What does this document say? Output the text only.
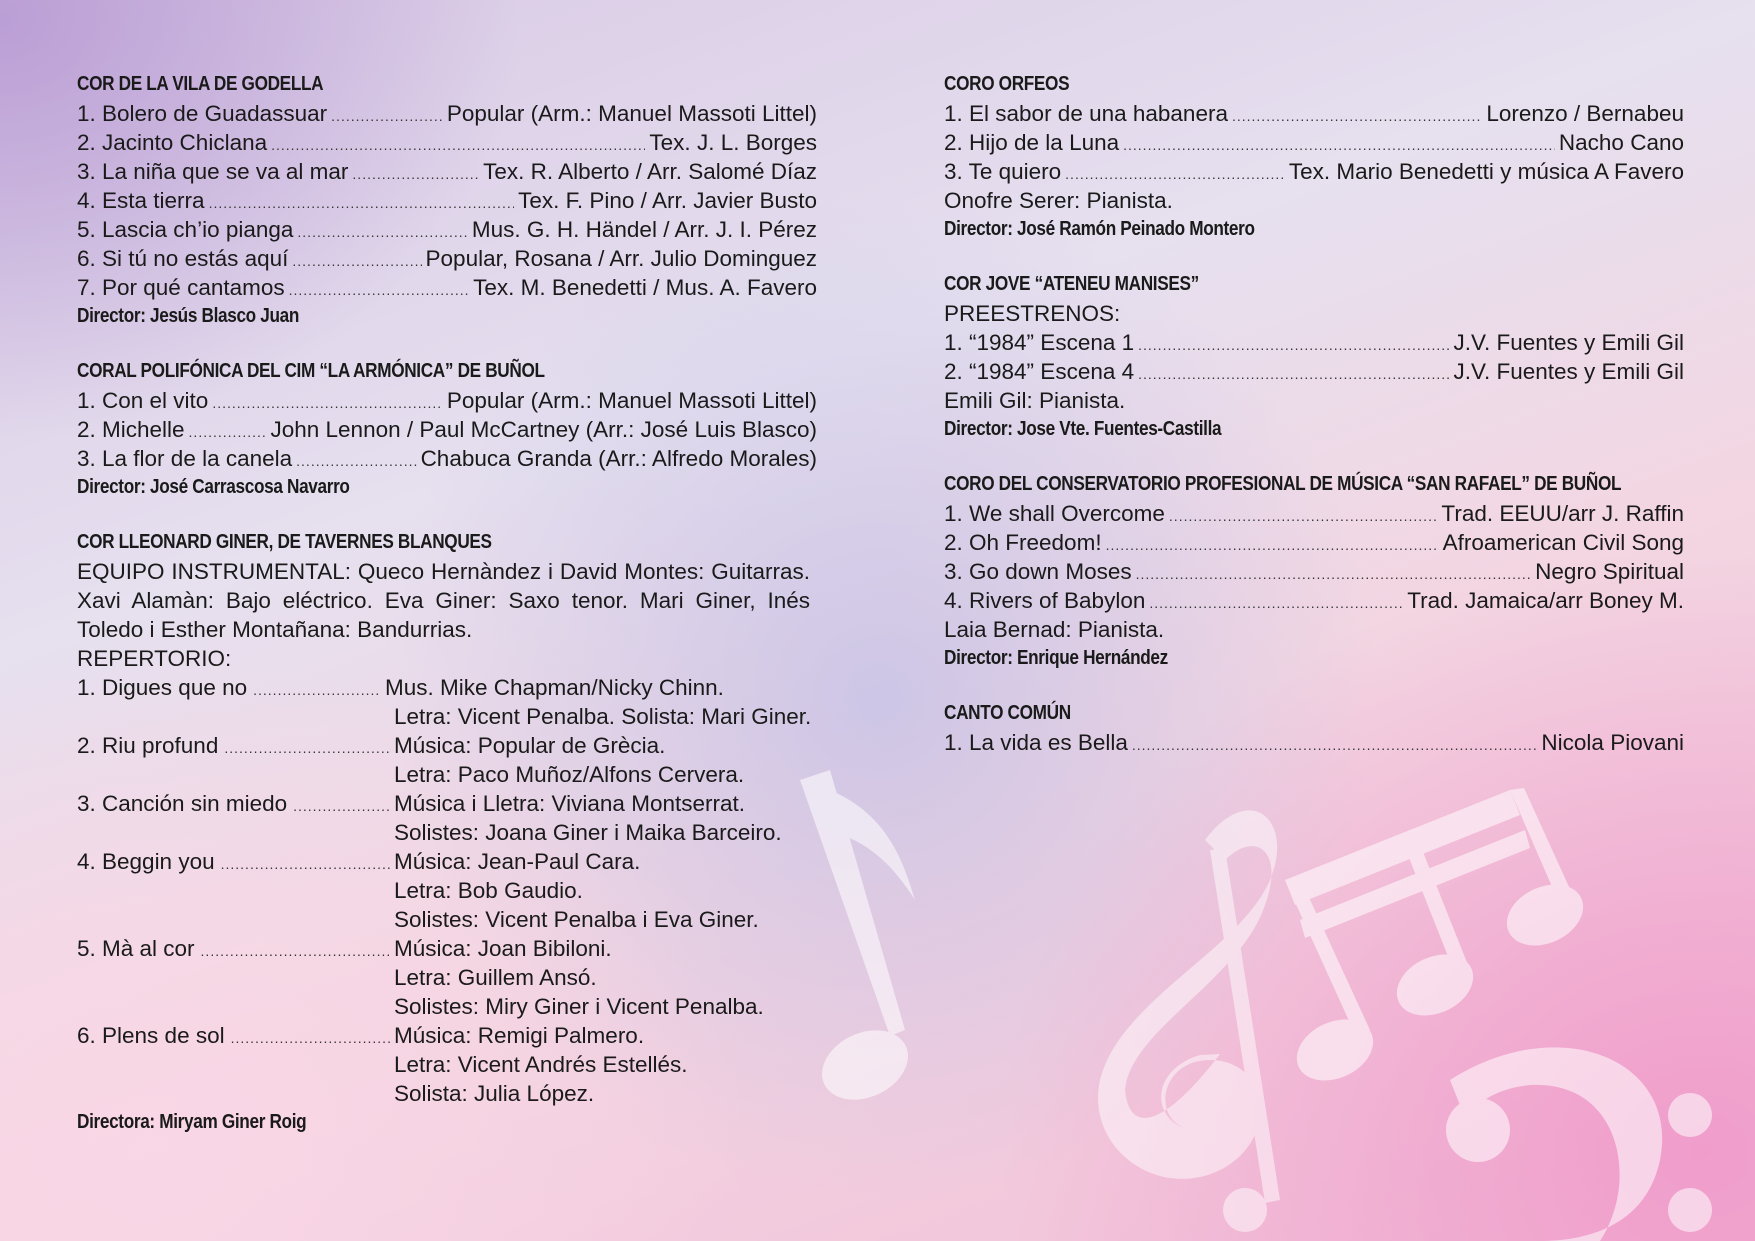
COR DE LA VILA DE GODELLA
1. Bolero de Guadassuar .....	Popular (Arm.: Manuel Massoti Littel)
2. Jacinto Chiclana .....	Tex. J. L. Borges
3. La niña que se va al mar .....	Tex. R. Alberto / Arr. Salomé Díaz
4. Esta tierra .....	Tex. F. Pino / Arr. Javier Busto
5. Lascia ch’io pianga .....	Mus. G. H. Händel / Arr. J. I. Pérez
6. Si tú no estás aquí .....	Popular, Rosana / Arr. Julio Dominguez
7. Por qué cantamos .....	Tex. M. Benedetti / Mus. A. Favero
Director: Jesús Blasco Juan
CORAL POLIFÓNICA DEL CIM “LA ARMÓNICA” DE BUÑOL
1. Con el vito .....	Popular (Arm.: Manuel Massoti Littel)
2. Michelle .....	John Lennon / Paul McCartney (Arr.: José Luis Blasco)
3. La flor de la canela .....	Chabuca Granda (Arr.: Alfredo Morales)
Director: José Carrascosa Navarro
COR LLEONARD GINER, DE TAVERNES BLANQUES
EQUIPO INSTRUMENTAL: Queco Hernàndez i David Montes: Guitarras. Xavi Alamàn: Bajo eléctrico. Eva Giner: Saxo tenor. Mari Giner, Inés Toledo i Esther Montañana: Bandurrias.
REPERTORIO:
1. Digues que no .....	Mus. Mike Chapman/Nicky Chinn.
Letra: Vicent Penalba. Solista: Mari Giner.
2. Riu profund .....	Música: Popular de Grècia.
Letra: Paco Muñoz/Alfons Cervera.
3. Canción sin miedo .....	Música i Lletra: Viviana Montserrat.
Solistes: Joana Giner i Maika Barceiro.
4. Beggin you .....	Música: Jean-Paul Cara.
Letra: Bob Gaudio.
Solistes: Vicent Penalba i Eva Giner.
5. Mà al cor .....	Música: Joan Bibiloni.
Letra: Guillem Ansó.
Solistes: Miry Giner i Vicent Penalba.
6. Plens de sol .....	Música: Remigi Palmero.
Letra: Vicent Andrés Estellés.
Solista: Julia López.
Directora: Miryam Giner Roig
CORO ORFEOS
1. El sabor de una habanera .....	Lorenzo / Bernabeu
2. Hijo de la Luna .....	Nacho Cano
3. Te quiero .....	Tex. Mario Benedetti y música A Favero
Onofre Serer: Pianista.
Director: José Ramón Peinado Montero
COR JOVE “ATENEU MANISES”
PREESTRENOS:
1. “1984” Escena 1 .....	J.V. Fuentes y Emili Gil
2. “1984” Escena 4 .....	J.V. Fuentes y Emili Gil
Emili Gil: Pianista.
Director: Jose Vte. Fuentes-Castilla
CORO DEL CONSERVATORIO PROFESIONAL DE MÚSICA “SAN RAFAEL” DE BUÑOL
1. We shall Overcome .....	Trad. EEUU/arr J. Raffin
2. Oh Freedom! .....	Afroamerican Civil Song
3. Go down Moses .....	Negro Spiritual
4. Rivers of Babylon .....	Trad. Jamaica/arr Boney M.
Laia Bernad: Pianista.
Director: Enrique Hernández
CANTO COMÚN
1. La vida es Bella .....	Nicola Piovani
